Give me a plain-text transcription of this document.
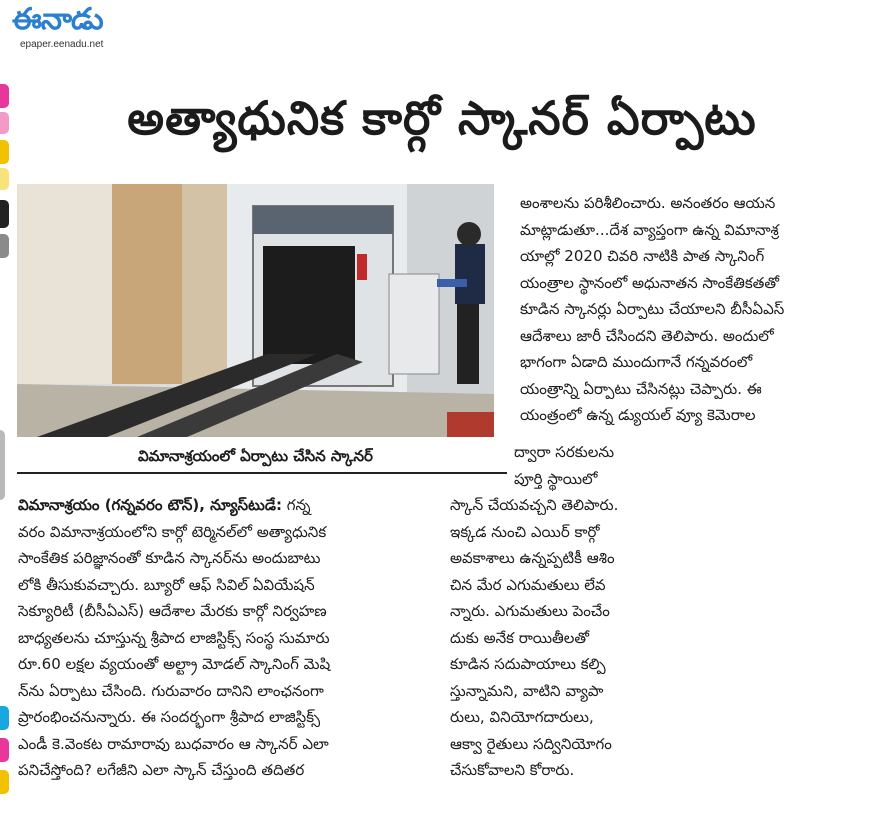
ఈనాడు
epaper.eenadu.net
అత్యాధునిక కార్గో స్కానర్‌ ఏర్పాటు
విమానాశ్రయంలో ఏర్పాటు చేసిన స్కానర్‌
అంశాలను పరిశీలించారు. అనంతరం ఆయన
మాట్లాడుతూ...దేశ వ్యాప్తంగా ఉన్న విమానాశ్ర
యాల్లో 2020 చివరి నాటికి పాత స్కానింగ్‌
యంత్రాల స్థానంలో అధునాతన సాంకేతికతతో
కూడిన స్కానర్లు ఏర్పాటు చేయాలని బీసీఏఎస్‌
ఆదేశాలు జారీ చేసిందని తెలిపారు. అందులో
భాగంగా ఏడాది ముందుగానే గన్నవరంలో
యంత్రాన్ని ఏర్పాటు చేసినట్లు చెప్పారు. ఈ
యంత్రంలో ఉన్న డ్యుయల్‌ వ్యూ కెమెరాల
ద్వారా సరకులను
పూర్తి స్థాయిలో
విమానాశ్రయం (గన్నవరం టౌన్‌), న్యూస్‌టుడే: గన్న
వరం విమానాశ్రయంలోని కార్గో టెర్మినల్‌లో అత్యాధునిక
సాంకేతిక పరిజ్ఞానంతో కూడిన స్కానర్‌ను అందుబాటు
లోకి తీసుకువచ్చారు. బ్యూరో ఆఫ్‌ సివిల్‌ ఏవియేషన్‌
సెక్యూరిటీ (బీసీఏఎస్‌) ఆదేశాల మేరకు కార్గో నిర్వహణ
బాధ్యతలను చూస్తున్న శ్రీపాద లాజిస్టిక్స్‌ సంస్థ సుమారు
రూ.60 లక్షల వ్యయంతో అల్ట్రా మోడల్‌ స్కానింగ్‌ మెషి
న్‌ను ఏర్పాటు చేసింది. గురువారం దానిని లాంఛనంగా
ప్రారంభించనున్నారు. ఈ సందర్భంగా శ్రీపాద లాజిస్టిక్స్‌
ఎండీ కె.వెంకట రామారావు బుధవారం ఆ స్కానర్‌ ఎలా
పనిచేస్తోంది? లగేజీని ఎలా స్కాన్‌ చేస్తుంది తదితర
స్కాన్‌ చేయవచ్చని తెలిపారు.
ఇక్కడ నుంచి ఎయిర్‌ కార్గో
అవకాశాలు ఉన్నప్పటికీ ఆశిం
చిన మేర ఎగుమతులు లేవ
న్నారు. ఎగుమతులు పెంచేం
దుకు అనేక రాయితీలతో
కూడిన సదుపాయాలు కల్పి
స్తున్నామని, వాటిని వ్యాపా
రులు, వినియోగదారులు,
ఆక్వా రైతులు సద్వినియోగం
చేసుకోవాలని కోరారు.
